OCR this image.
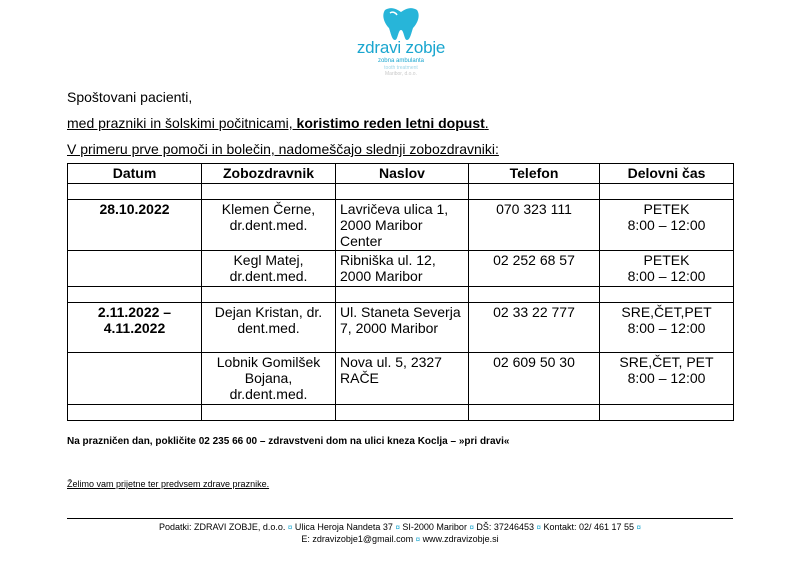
zdravi zobje
zobna ambulanta
tooth treatment
Maribor, d.o.o.
Spoštovani pacienti,
med prazniki in šolskimi počitnicami, koristimo reden letni dopust.
V primeru prve pomoči in bolečin, nadomeščajo slednji zobozdravniki:
Datum	Zobozdravnik	Naslov	Telefon	Delovni čas

28.10.2022	Klemen Černe, dr.dent.med.	Lavričeva ulica 1, 2000 Maribor Center	070 323 111	PETEK
8:00 – 12:00

	Kegl Matej, dr.dent.med.	Ribniška ul. 12, 2000 Maribor	02 252 68 57	PETEK
8:00 – 12:00

2.11.2022 – 4.11.2022	Dejan Kristan, dr. dent.med.	Ul. Staneta Severja 7, 2000 Maribor	02 33 22 777	SRE,ČET,PET
8:00 – 12:00

	Lobnik Gomilšek Bojana, dr.dent.med.	Nova ul. 5, 2327 RAČE	02 609 50 30	SRE,ČET, PET
8:00 – 12:00

Na prazničen dan, pokličite 02 235 66 00 – zdravstveni dom na ulici kneza Koclja – »pri dravi«
Želimo vam prijetne ter predvsem zdrave praznike.
Podatki: ZDRAVI ZOBJE, d.o.o. ¤ Ulica Heroja Nandeta 37 ¤ SI-2000 Maribor ¤ DŠ: 37246453 ¤ Kontakt: 02/ 461 17 55 ¤
E: zdravizobje1@gmail.com ¤ www.zdravizobje.si
